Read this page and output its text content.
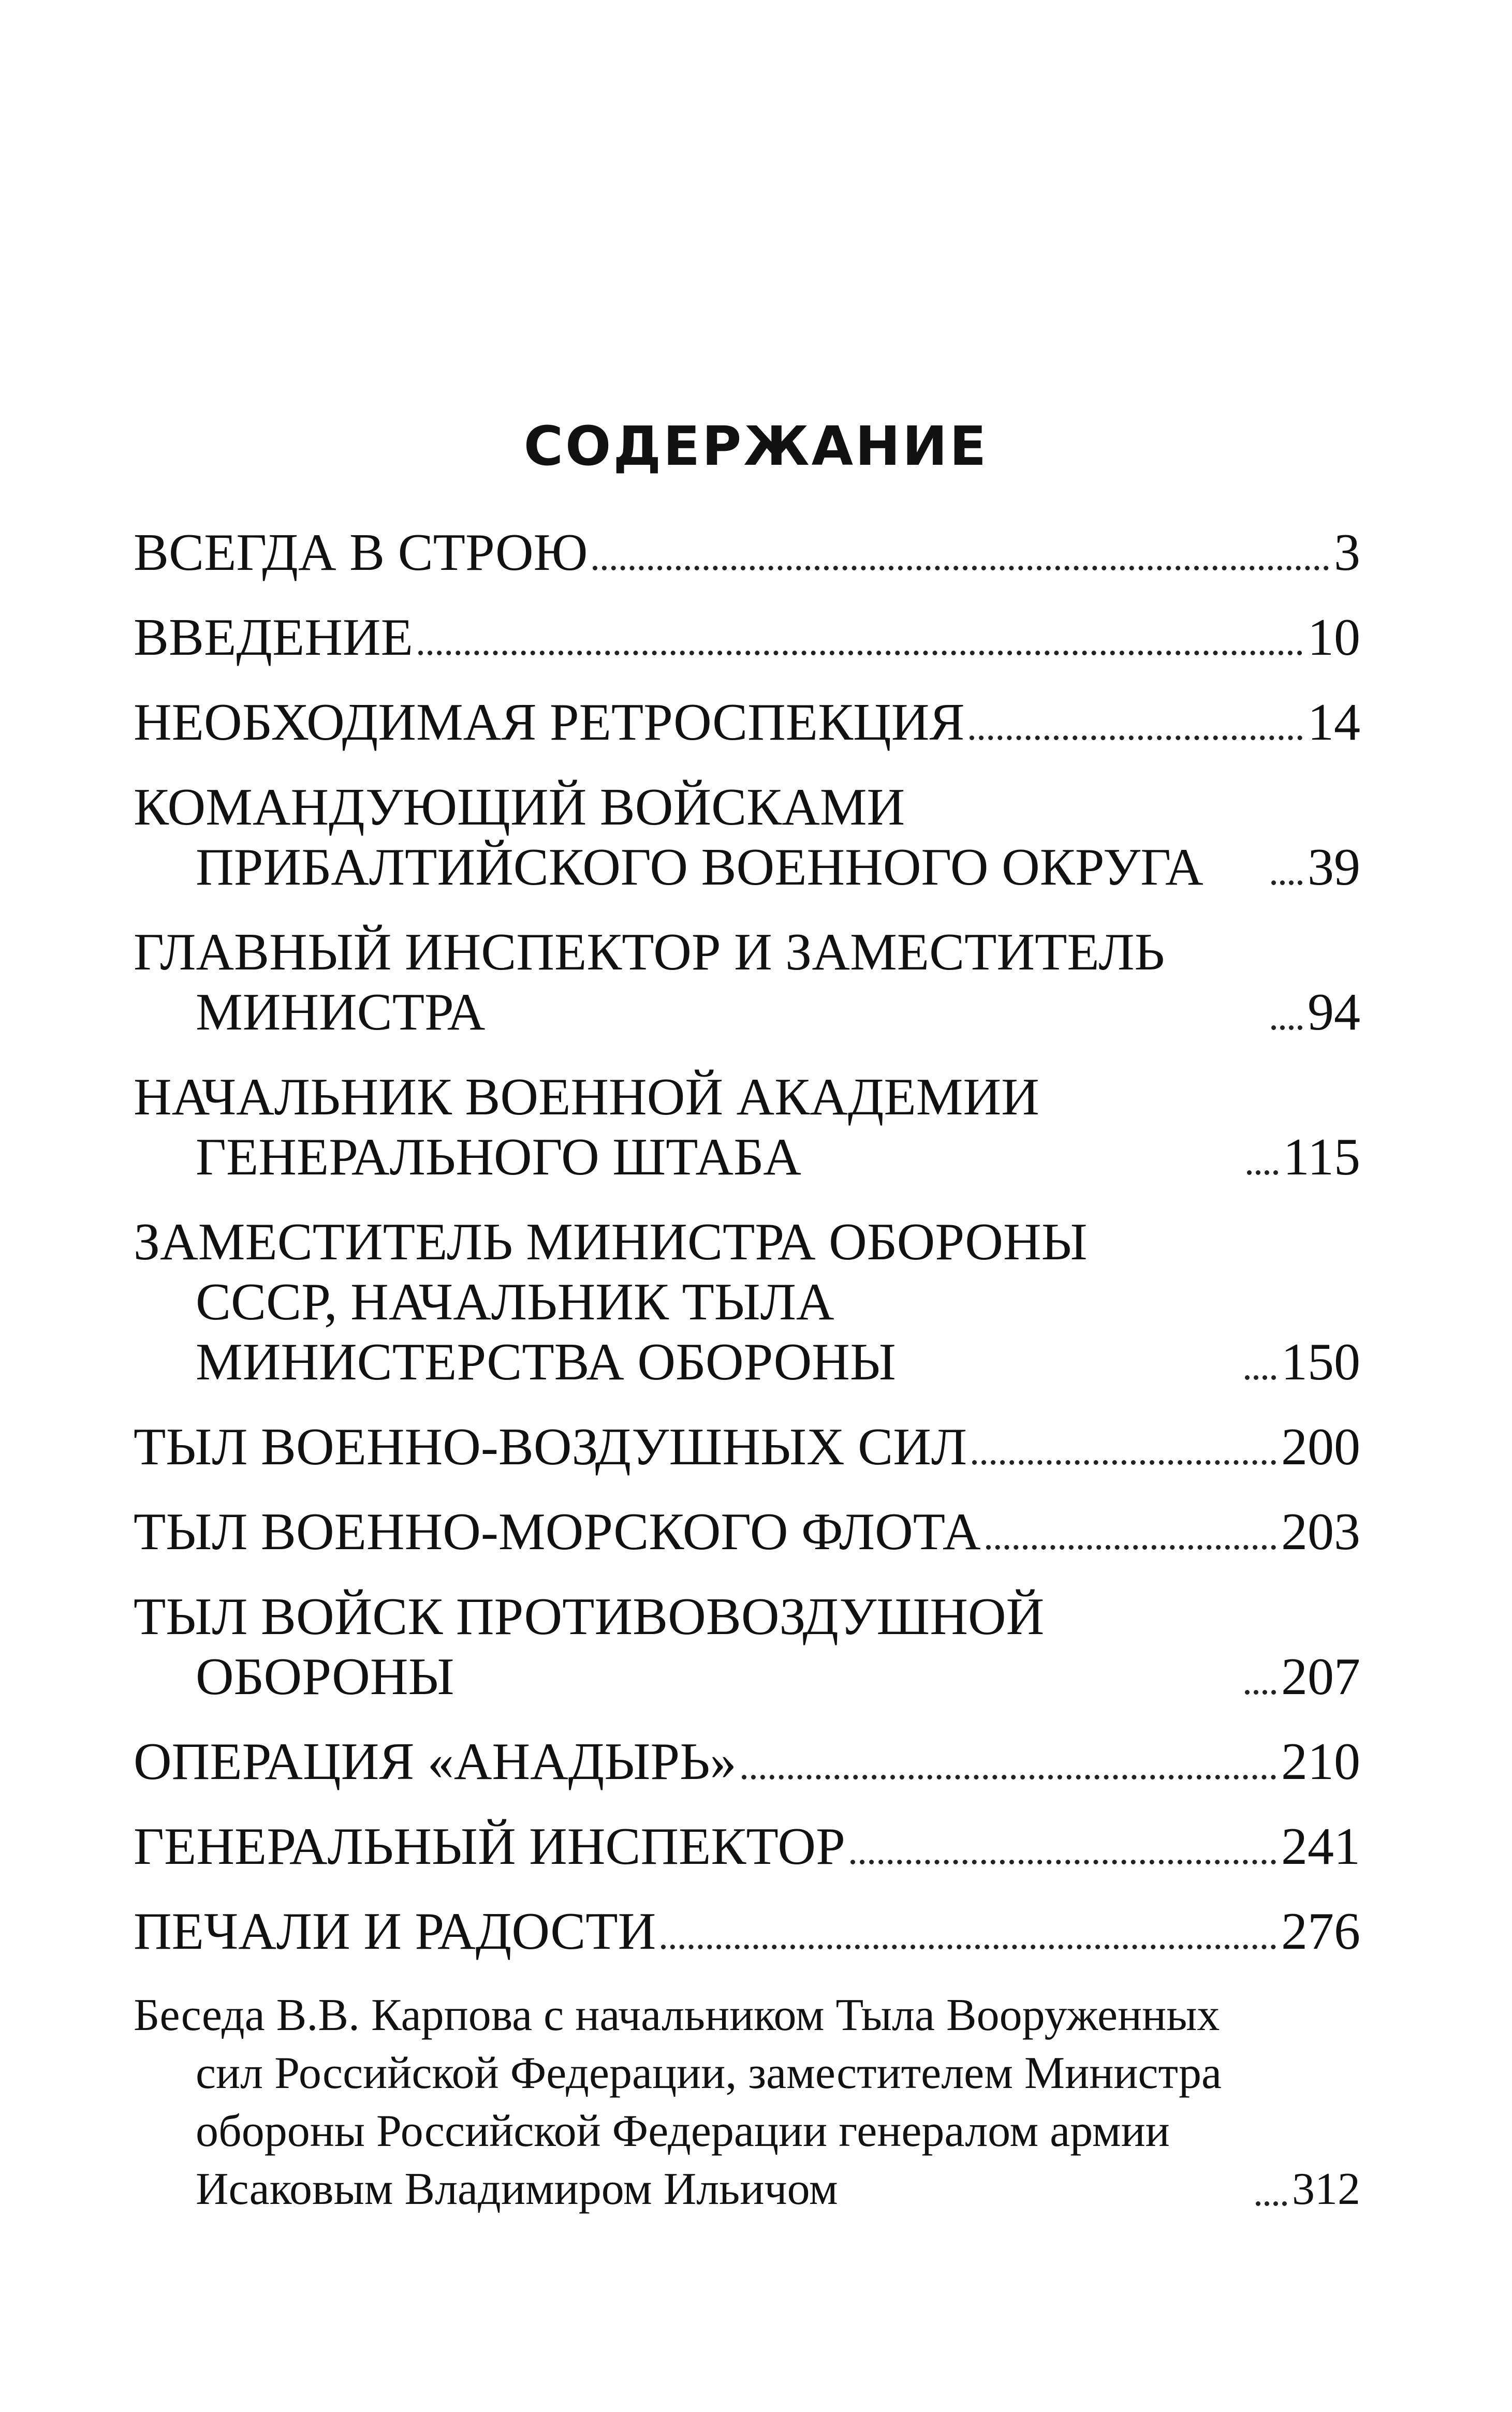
СОДЕРЖАНИЕ
ВСЕГДА В СТРОЮ	3
ВВЕДЕНИЕ	10
НЕОБХОДИМАЯ РЕТРОСПЕКЦИЯ	14
КОМАНДУЮЩИЙ ВОЙСКАМИ ПРИБАЛТИЙСКОГО ВОЕННОГО ОКРУГА	39
ГЛАВНЫЙ ИНСПЕКТОР И ЗАМЕСТИТЕЛЬ МИНИСТРА	94
НАЧАЛЬНИК ВОЕННОЙ АКАДЕМИИ ГЕНЕРАЛЬНОГО ШТАБА	115
ЗАМЕСТИТЕЛЬ МИНИСТРА ОБОРОНЫ СССР, НАЧАЛЬНИК ТЫЛА МИНИСТЕРСТВА ОБОРОНЫ	150
ТЫЛ ВОЕННО-ВОЗДУШНЫХ СИЛ	200
ТЫЛ ВОЕННО-МОРСКОГО ФЛОТА	203
ТЫЛ ВОЙСК ПРОТИВОВОЗДУШНОЙ ОБОРОНЫ	207
ОПЕРАЦИЯ «АНАДЫРЬ»	210
ГЕНЕРАЛЬНЫЙ ИНСПЕКТОР	241
ПЕЧАЛИ И РАДОСТИ	276
Беседа В.В. Карпова с начальником Тыла Вооруженных сил Российской Федерации, заместителем Министра обороны Российской Федерации генералом армии Исаковым Владимиром Ильичом	312
